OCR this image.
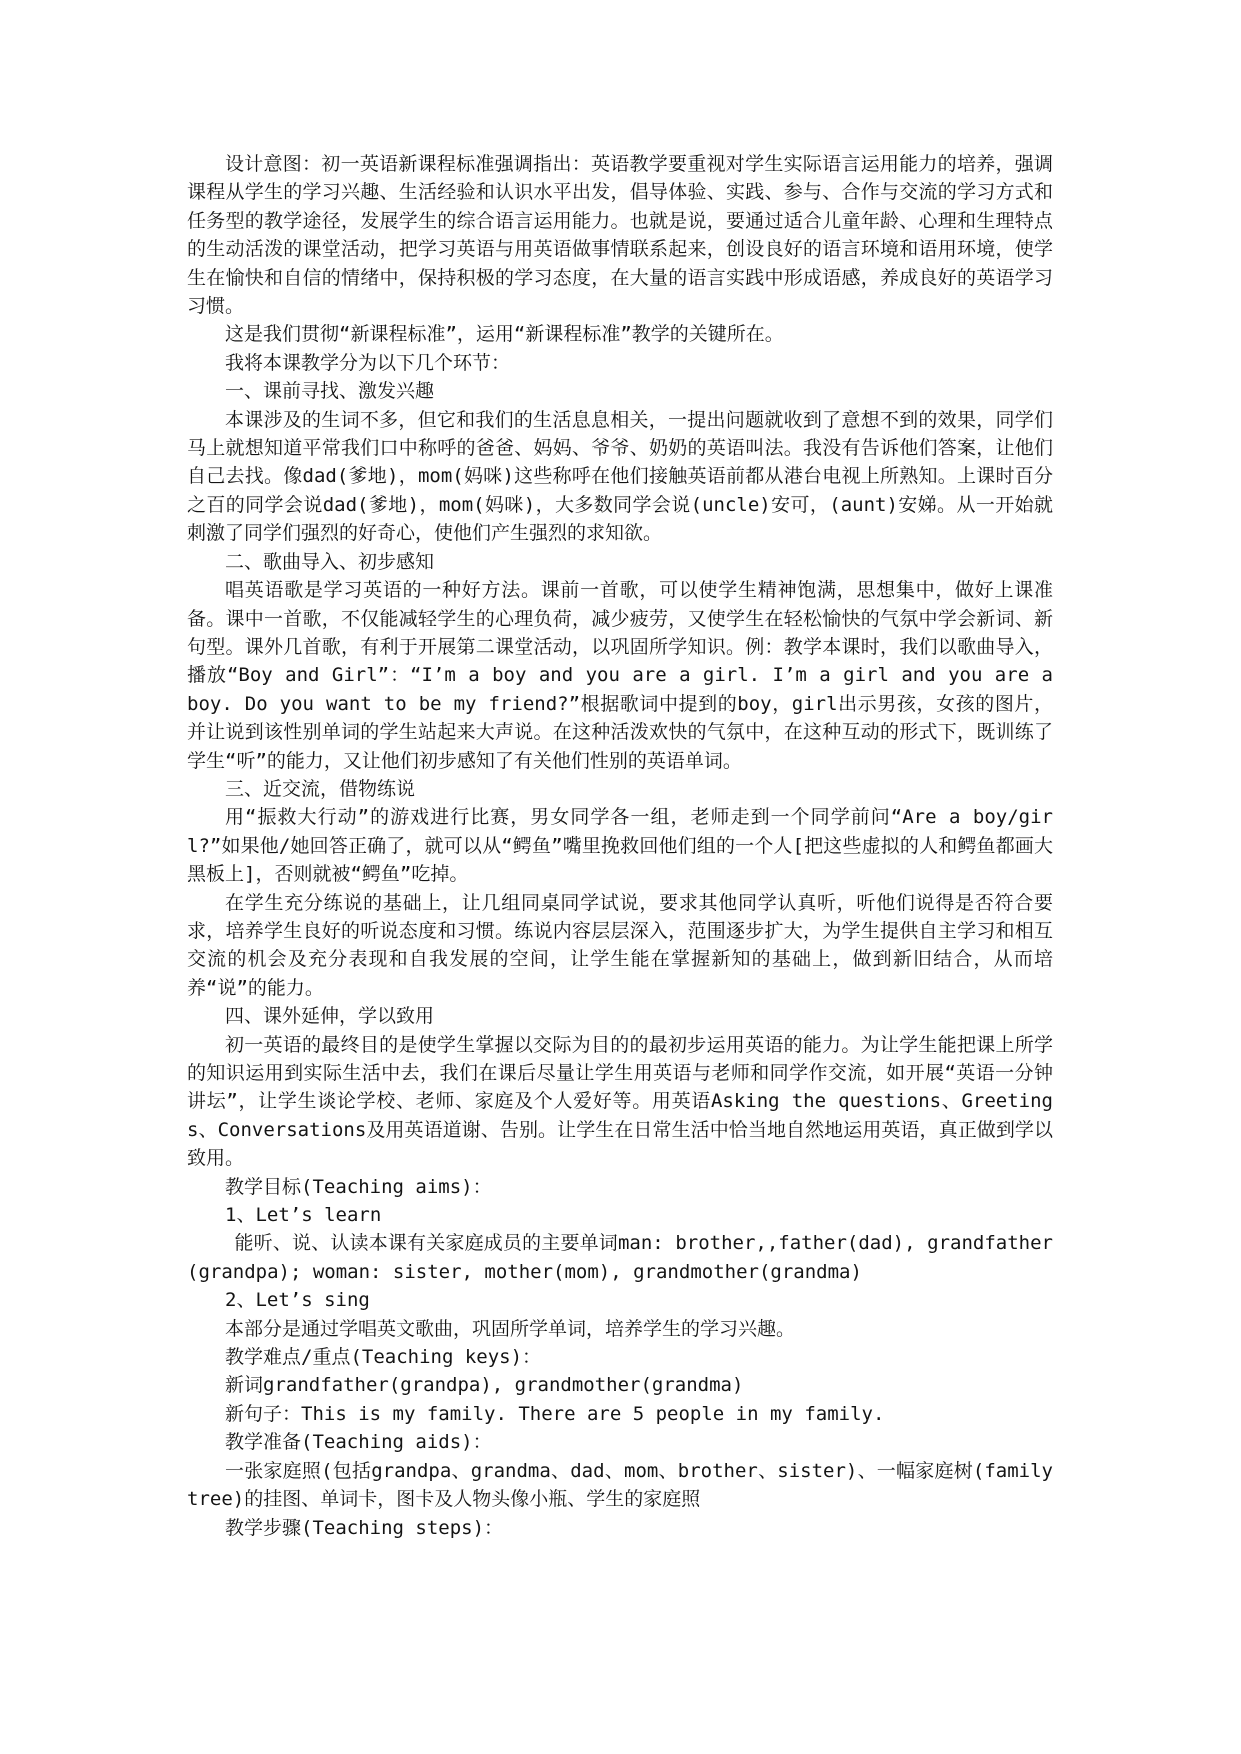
设计意图：初一英语新课程标准强调指出：英语教学要重视对学生实际语言运用能力的培养，强调课程从学生的学习兴趣、生活经验和认识水平出发，倡导体验、实践、参与、合作与交流的学习方式和任务型的教学途径，发展学生的综合语言运用能力。也就是说，要通过适合儿童年龄、心理和生理特点的生动活泼的课堂活动，把学习英语与用英语做事情联系起来，创设良好的语言环境和语用环境，使学生在愉快和自信的情绪中，保持积极的学习态度，在大量的语言实践中形成语感，养成良好的英语学习习惯。

这是我们贯彻“新课程标准”，运用“新课程标准”教学的关键所在。

我将本课教学分为以下几个环节：

一、课前寻找、激发兴趣

本课涉及的生词不多，但它和我们的生活息息相关，一提出问题就收到了意想不到的效果，同学们马上就想知道平常我们口中称呼的爸爸、妈妈、爷爷、奶奶的英语叫法。我没有告诉他们答案，让他们自己去找。像dad(爹地)，mom(妈咪)这些称呼在他们接触英语前都从港台电视上所熟知。上课时百分之百的同学会说dad(爹地)，mom(妈咪)，大多数同学会说(uncle)安可，(aunt)安娣。从一开始就刺激了同学们强烈的好奇心，使他们产生强烈的求知欲。

二、歌曲导入、初步感知

唱英语歌是学习英语的一种好方法。课前一首歌，可以使学生精神饱满，思想集中，做好上课准备。课中一首歌，不仅能减轻学生的心理负荷，减少疲劳，又使学生在轻松愉快的气氛中学会新词、新句型。课外几首歌，有利于开展第二课堂活动，以巩固所学知识。例：教学本课时，我们以歌曲导入，播放“Boy and Girl”：“I’m a boy and you are a girl. I’m a girl and you are a boy. Do you want to be my friend?”根据歌词中提到的boy，girl出示男孩，女孩的图片，并让说到该性别单词的学生站起来大声说。在这种活泼欢快的气氛中，在这种互动的形式下，既训练了学生“听”的能力，又让他们初步感知了有关他们性别的英语单词。

三、近交流，借物练说

用“振救大行动”的游戏进行比赛，男女同学各一组，老师走到一个同学前问“Are a boy/girl?”如果他/她回答正确了，就可以从“鳄鱼”嘴里挽救回他们组的一个人[把这些虚拟的人和鳄鱼都画大黑板上]，否则就被“鳄鱼”吃掉。

在学生充分练说的基础上，让几组同桌同学试说，要求其他同学认真听，听他们说得是否符合要求，培养学生良好的听说态度和习惯。练说内容层层深入，范围逐步扩大，为学生提供自主学习和相互交流的机会及充分表现和自我发展的空间，让学生能在掌握新知的基础上，做到新旧结合，从而培养“说”的能力。

四、课外延伸，学以致用

初一英语的最终目的是使学生掌握以交际为目的的最初步运用英语的能力。为让学生能把课上所学的知识运用到实际生活中去，我们在课后尽量让学生用英语与老师和同学作交流，如开展“英语一分钟讲坛”，让学生谈论学校、老师、家庭及个人爱好等。用英语Asking the questions、Greetings、Conversations及用英语道谢、告别。让学生在日常生活中恰当地自然地运用英语，真正做到学以致用。

教学目标(Teaching aims)：

1、Let’s learn

能听、说、认读本课有关家庭成员的主要单词man: brother,,father(dad), grandfather(grandpa); woman: sister, mother(mom), grandmother(grandma)

2、Let’s sing

本部分是通过学唱英文歌曲，巩固所学单词，培养学生的学习兴趣。

教学难点/重点(Teaching keys)：

新词grandfather(grandpa), grandmother(grandma)

新句子：This is my family. There are 5 people in my family.

教学准备(Teaching aids)：

一张家庭照(包括grandpa、grandma、dad、mom、brother、sister)、一幅家庭树(family tree)的挂图、单词卡，图卡及人物头像小瓶、学生的家庭照

教学步骤(Teaching steps)：
